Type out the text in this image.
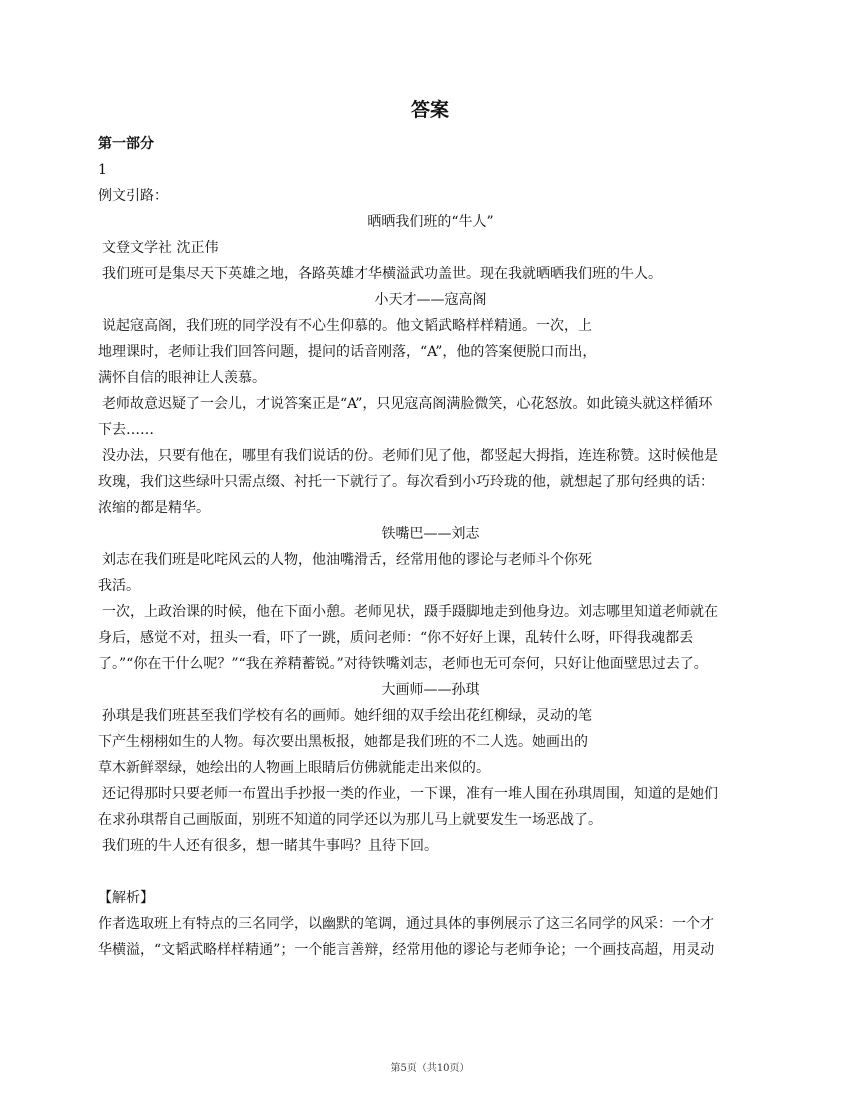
答案

第一部分

1

例文引路：

晒晒我们班的“牛人”

文登文学社 沈正伟

我们班可是集尽天下英雄之地，各路英雄才华横溢武功盖世。现在我就晒晒我们班的牛人。

小天才——寇高阁

说起寇高阁，我们班的同学没有不心生仰慕的。他文韬武略样样精通。一次，上

地理课时，老师让我们回答问题，提问的话音刚落，“A”，他的答案便脱口而出，

满怀自信的眼神让人羡慕。

老师故意迟疑了一会儿，才说答案正是“A”，只见寇高阁满脸微笑，心花怒放。如此镜头就这样循环

下去……

没办法，只要有他在，哪里有我们说话的份。老师们见了他，都竖起大拇指，连连称赞。这时候他是

玫瑰，我们这些绿叶只需点缀、衬托一下就行了。每次看到小巧玲珑的他，就想起了那句经典的话：

浓缩的都是精华。

铁嘴巴——刘志

刘志在我们班是叱咤风云的人物，他油嘴滑舌，经常用他的谬论与老师斗个你死

我活。

一次，上政治课的时候，他在下面小憩。老师见状，蹑手蹑脚地走到他身边。刘志哪里知道老师就在

身后，感觉不对，扭头一看，吓了一跳，质问老师：“你不好好上课，乱转什么呀，吓得我魂都丢

了。”“你在干什么呢？”“我在养精蓄锐。”对待铁嘴刘志，老师也无可奈何，只好让他面壁思过去了。

大画师——孙琪

孙琪是我们班甚至我们学校有名的画师。她纤细的双手绘出花红柳绿，灵动的笔

下产生栩栩如生的人物。每次要出黑板报，她都是我们班的不二人选。她画出的

草木新鲜翠绿，她绘出的人物画上眼睛后仿佛就能走出来似的。

还记得那时只要老师一布置出手抄报一类的作业，一下课，准有一堆人围在孙琪周围，知道的是她们

在求孙琪帮自己画版面，别班不知道的同学还以为那儿马上就要发生一场恶战了。

我们班的牛人还有很多，想一睹其牛事吗？且待下回。

【解析】

作者选取班上有特点的三名同学，以幽默的笔调，通过具体的事例展示了这三名同学的风采：一个才

华横溢，“文韬武略样样精通”；一个能言善辩，经常用他的谬论与老师争论；一个画技高超，用灵动

第5页（共10页）
